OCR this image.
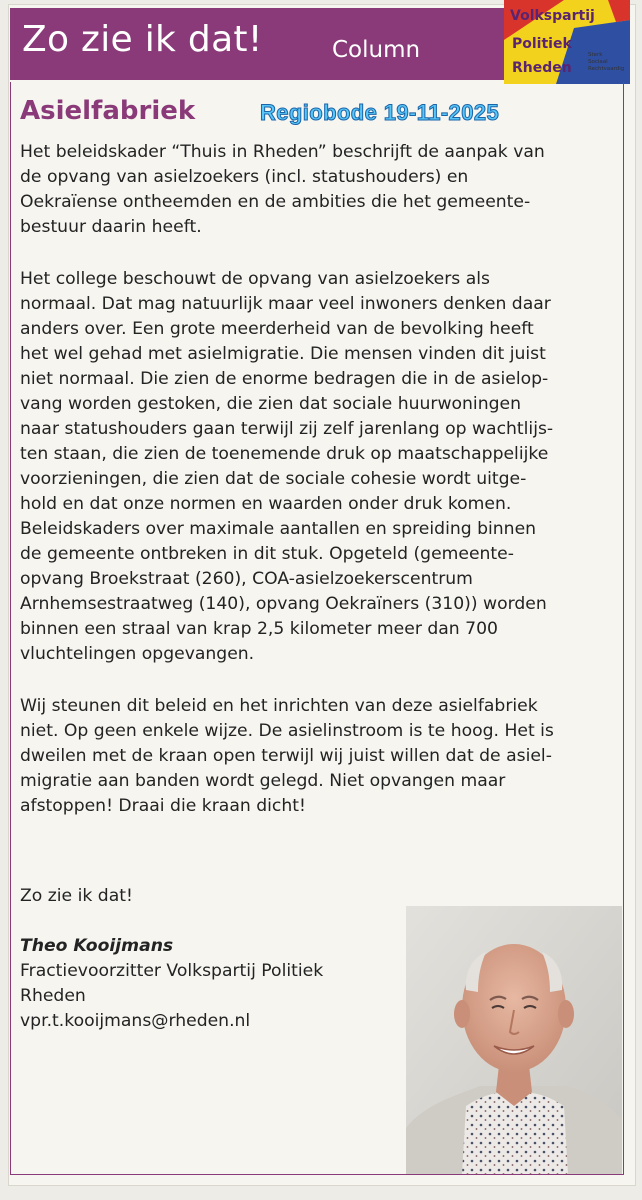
Zo zie ik dat!	Column
Volkspartij
Politiek
Rheden
Sterk
Sociaal
Rechtvaardig
Asielfabriek	Regiobode 19-11-2025
Het beleidskader “Thuis in Rheden” beschrijft de aanpak van
de opvang van asielzoekers (incl. statushouders) en
Oekraïense ontheemden en de ambities die het gemeente-
bestuur daarin heeft.
Het college beschouwt de opvang van asielzoekers als
normaal. Dat mag natuurlijk maar veel inwoners denken daar
anders over. Een grote meerderheid van de bevolking heeft
het wel gehad met asielmigratie. Die mensen vinden dit juist
niet normaal. Die zien de enorme bedragen die in de asielop-
vang worden gestoken, die zien dat sociale huurwoningen
naar statushouders gaan terwijl zij zelf jarenlang op wachtlijs-
ten staan, die zien de toenemende druk op maatschappelijke
voorzieningen, die zien dat de sociale cohesie wordt uitge-
hold en dat onze normen en waarden onder druk komen.
Beleidskaders over maximale aantallen en spreiding binnen
de gemeente ontbreken in dit stuk. Opgeteld (gemeente-
opvang Broekstraat (260), COA-asielzoekerscentrum
Arnhemsestraatweg (140), opvang Oekraïners (310)) worden
binnen een straal van krap 2,5 kilometer meer dan 700
vluchtelingen opgevangen.
Wij steunen dit beleid en het inrichten van deze asielfabriek
niet. Op geen enkele wijze. De asielinstroom is te hoog. Het is
dweilen met de kraan open terwijl wij juist willen dat de asiel-
migratie aan banden wordt gelegd. Niet opvangen maar
afstoppen! Draai die kraan dicht!
Zo zie ik dat!
Theo Kooijmans
Fractievoorzitter Volkspartij Politiek
Rheden
vpr.t.kooijmans@rheden.nl
